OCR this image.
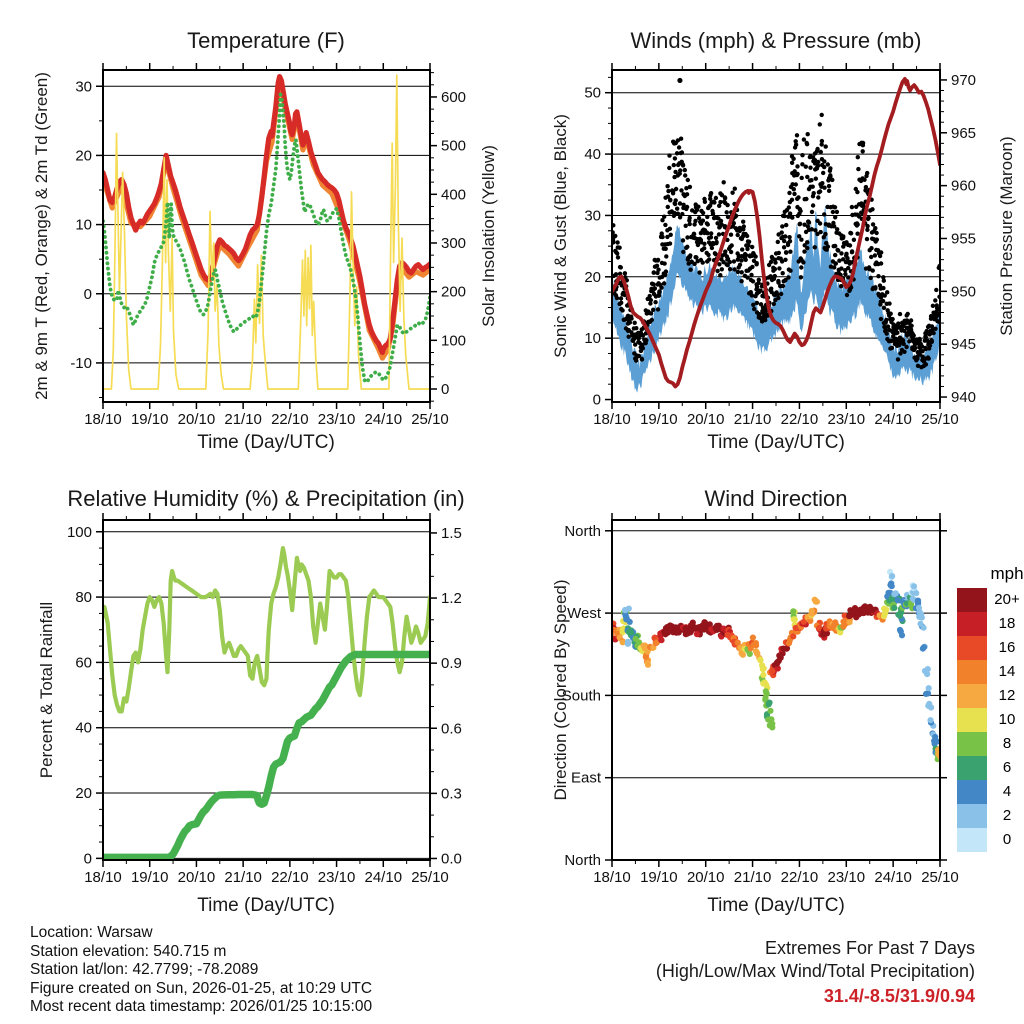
18/10 19/10 20/10 21/10 22/10 23/10 24/10 25/10
-10
0
10
20
30
0
100
200
300
400
500
600
18/10 19/10 20/10 21/10 22/10 23/10 24/10 25/10
0
10
20
30
40
50
940
945
950
955
960
965
970
18/10 19/10 20/10 21/10 22/10 23/10 24/10 25/10
0
20
40
60
80
100
0.0
0.3
0.6
0.9
1.2
1.5
18/10 19/10 20/10 21/10 22/10 23/10 24/10 25/10
North
West
South
East
North
Temperature (F)	Winds (mph) & Pressure (mb)
Relative Humidity (%) & Precipitation (in)	Wind Direction
2m & 9m T (Red, Orange) & 2m Td (Green)	Solar Insolation (Yellow)	Sonic Wind & Gust (Blue, Black)	Station Pressure (Maroon)
Percent & Total Rainfall	Direction (Colored By Speed)
Time (Day/UTC)	Time (Day/UTC)
Time (Day/UTC)	Time (Day/UTC)
mph
20+
18
16
14
12
10
8
6
4
2
0
Location: Warsaw
Station elevation: 540.715 m
Station lat/lon: 42.7799; -78.2089
Figure created on Sun, 2026-01-25, at 10:29 UTC
Most recent data timestamp: 2026/01/25 10:15:00
Extremes For Past 7 Days
(High/Low/Max Wind/Total Precipitation)
31.4/-8.5/31.9/0.94
